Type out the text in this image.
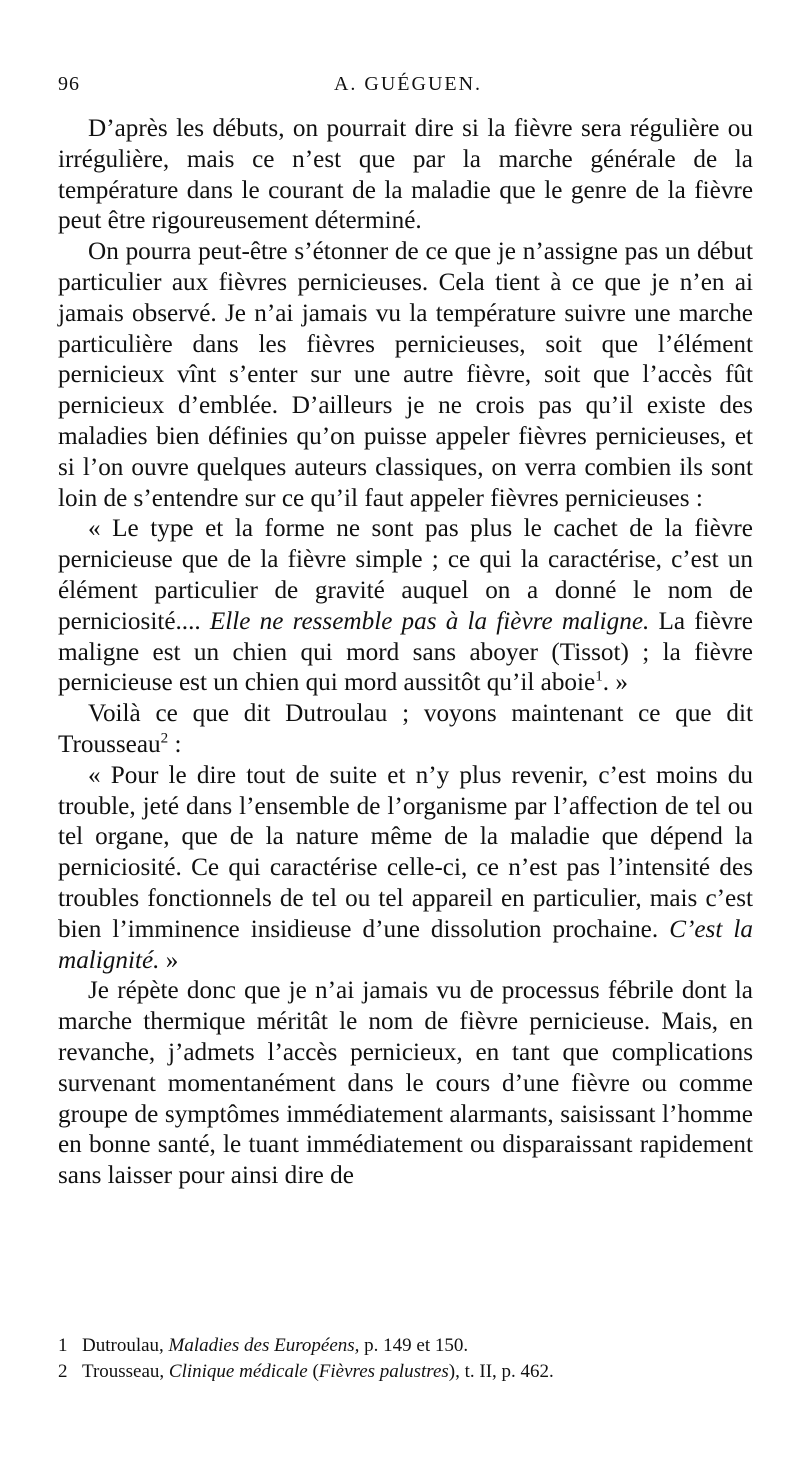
96	A. GUÉGUEN.

D’après les débuts, on pourrait dire si la fièvre sera régulière ou irrégulière, mais ce n’est que par la marche générale de la température dans le courant de la maladie que le genre de la fièvre peut être rigoureusement déterminé.

On pourra peut-être s’étonner de ce que je n’assigne pas un début particulier aux fièvres pernicieuses. Cela tient à ce que je n’en ai jamais observé. Je n’ai jamais vu la température suivre une marche particulière dans les fièvres pernicieuses, soit que l’élément pernicieux vînt s’enter sur une autre fièvre, soit que l’accès fût pernicieux d’emblée. D’ailleurs je ne crois pas qu’il existe des maladies bien définies qu’on puisse appeler fièvres pernicieuses, et si l’on ouvre quelques auteurs classiques, on verra combien ils sont loin de s’entendre sur ce qu’il faut appeler fièvres pernicieuses :

« Le type et la forme ne sont pas plus le cachet de la fièvre pernicieuse que de la fièvre simple ; ce qui la caractérise, c’est un élément particulier de gravité auquel on a donné le nom de perniciosité.... Elle ne ressemble pas à la fièvre maligne. La fièvre maligne est un chien qui mord sans aboyer (Tissot) ; la fièvre pernicieuse est un chien qui mord aussitôt qu’il aboie$^1$. »

Voilà ce que dit Dutroulau ; voyons maintenant ce que dit Trousseau$^2$ :

« Pour le dire tout de suite et n’y plus revenir, c’est moins du trouble, jeté dans l’ensemble de l’organisme par l’affection de tel ou tel organe, que de la nature même de la maladie que dépend la perniciosité. Ce qui caractérise celle-ci, ce n’est pas l’intensité des troubles fonctionnels de tel ou tel appareil en particulier, mais c’est bien l’imminence insidieuse d’une dissolution prochaine. C’est la malignité. »

Je répète donc que je n’ai jamais vu de processus fébrile dont la marche thermique méritât le nom de fièvre pernicieuse. Mais, en revanche, j’admets l’accès pernicieux, en tant que complications survenant momentanément dans le cours d’une fièvre ou comme groupe de symptômes immédiatement alarmants, saisissant l’homme en bonne santé, le tuant immédiatement ou disparaissant rapidement sans laisser pour ainsi dire de

1 Dutroulau, Maladies des Européens, p. 149 et 150.

2 Trousseau, Clinique médicale (Fièvres palustres), t. II, p. 462.
